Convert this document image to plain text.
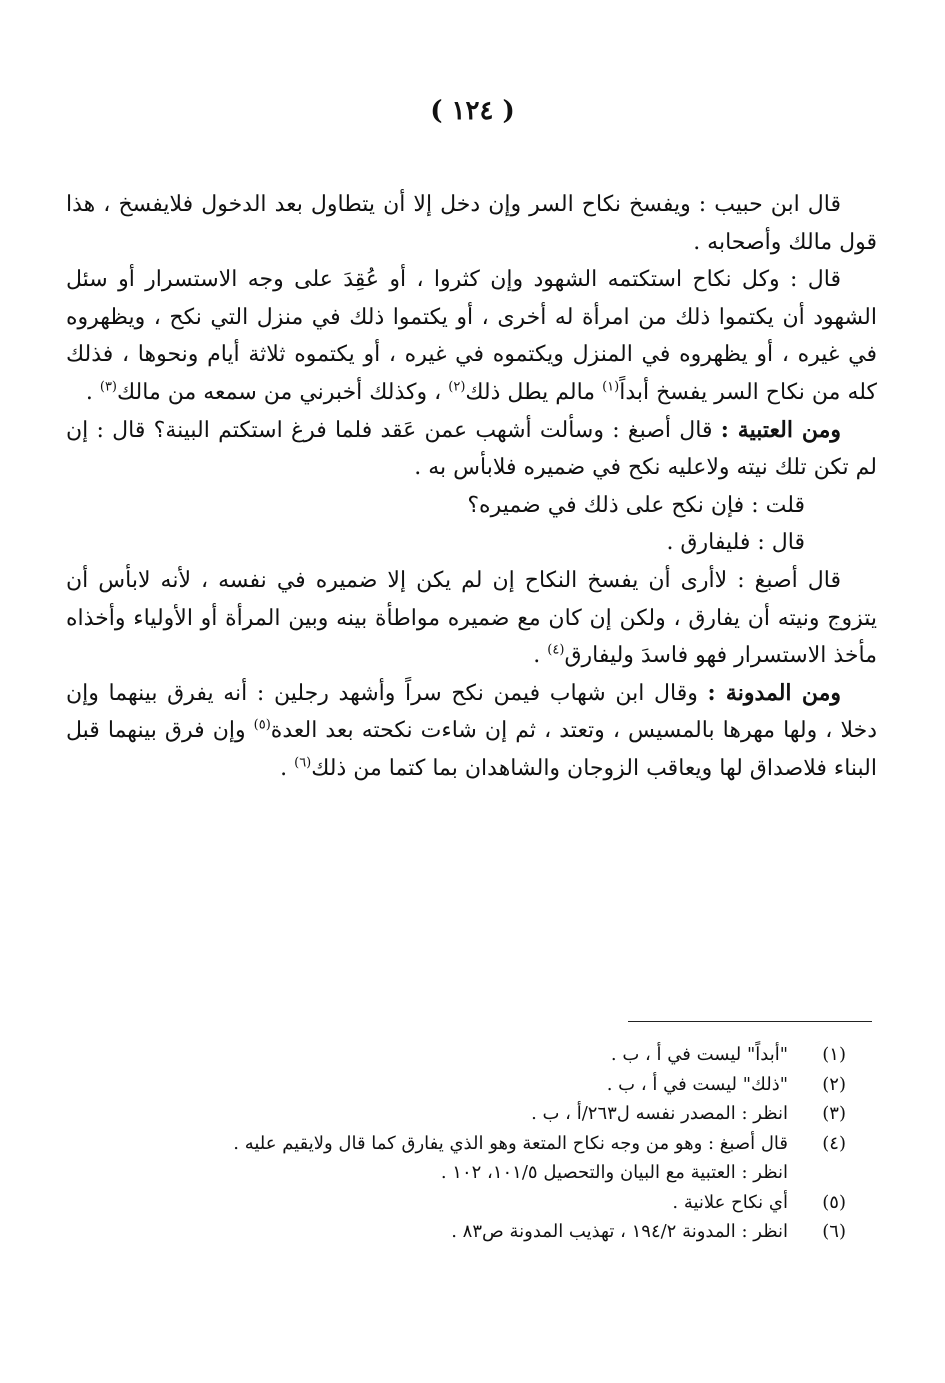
( ١٢٤ )

قال ابن حبيب : ويفسخ نكاح السر وإن دخل إلا أن يتطاول بعد الدخول فلايفسخ ، هذا قول مالك وأصحابه .

قال : وكل نكاح استكتمه الشهود وإن كثروا ، أو عُقِدَ على وجه الاستسرار أو سئل الشهود أن يكتموا ذلك من امرأة له أخرى ، أو يكتموا ذلك في منزل التي نكح ، ويظهروه في غيره ، أو يظهروه في المنزل ويكتموه في غيره ، أو يكتموه ثلاثة أيام ونحوها ، فذلك كله من نكاح السر يفسخ أبداً$^{(١)}$ مالم يطل ذلك$^{(٢)}$ ، وكذلك أخبرني من سمعه من مالك$^{(٣)}$ .

ومن العتبية : قال أصبغ : وسألت أشهب عمن عَقد فلما فرغ استكتم البينة؟ قال : إن لم تكن تلك نيته ولاعليه نكح في ضميره فلابأس به .

قلت : فإن نكح على ذلك في ضميره؟

قال : فليفارق .

قال أصبغ : لاأرى أن يفسخ النكاح إن لم يكن إلا ضميره في نفسه ، لأنه لابأس أن يتزوج ونيته أن يفارق ، ولكن إن كان مع ضميره مواطأة بينه وبين المرأة أو الأولياء وأخذاه مأخذ الاستسرار فهو فاسدَ وليفارق$^{(٤)}$ .

ومن المدونة : وقال ابن شهاب فيمن نكح سراً وأشهد رجلين : أنه يفرق بينهما وإن دخلا ، ولها مهرها بالمسيس ، وتعتد ، ثم إن شاءت نكحته بعد العدة$^{(٥)}$ وإن فرق بينهما قبل البناء فلاصداق لها ويعاقب الزوجان والشاهدان بما كتما من ذلك$^{(٦)}$ .

(١)
"أبداً" ليست في أ ، ب .
(٢)
"ذلك" ليست في أ ، ب .
(٣)
انظر : المصدر نفسه ل٢٦٣/أ ، ب .
(٤)
قال أصبغ : وهو من وجه نكاح المتعة وهو الذي يفارق كما قال ولايقيم عليه .
انظر : العتبية مع البيان والتحصيل ١٠١/٥، ١٠٢ .
(٥)
أي نكاح علانية .
(٦)
انظر : المدونة ١٩٤/٢ ، تهذيب المدونة ص٨٣ .
